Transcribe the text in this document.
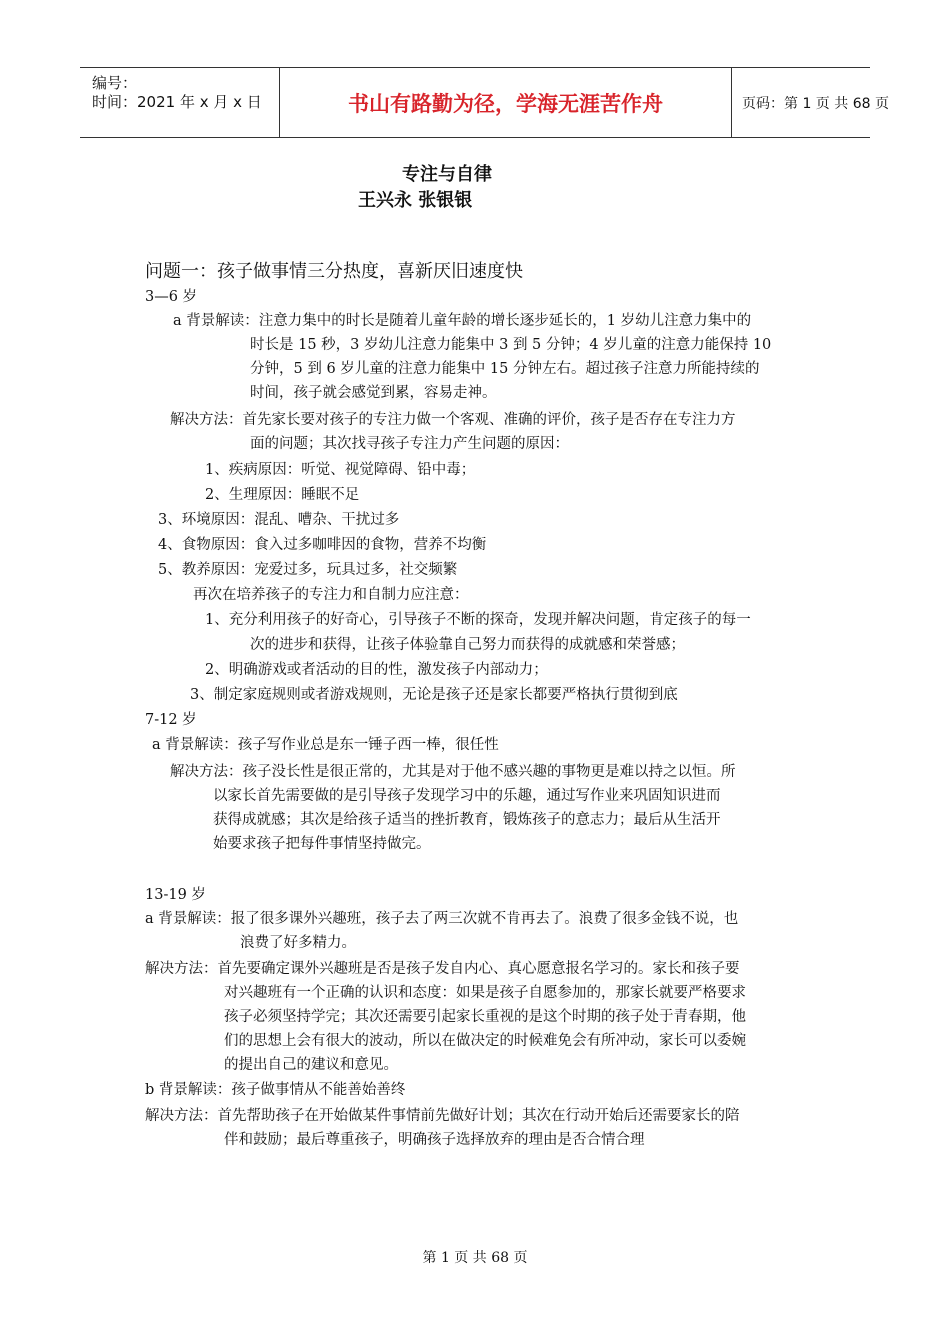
编号：
时间：2021 年 x 月 x 日	书山有路勤为径，学海无涯苦作舟	页码：第 1 页 共 68 页
专注与自律
王兴永 张银银
问题一：孩子做事情三分热度，喜新厌旧速度快
3—6 岁
a 背景解读：注意力集中的时长是随着儿童年龄的增长逐步延长的，1 岁幼儿注意力集中的
时长是 15 秒，3 岁幼儿注意力能集中 3 到 5 分钟；4 岁儿童的注意力能保持 10
分钟，5 到 6 岁儿童的注意力能集中 15 分钟左右。超过孩子注意力所能持续的
时间，孩子就会感觉到累，容易走神。
解决方法：首先家长要对孩子的专注力做一个客观、准确的评价，孩子是否存在专注力方
面的问题；其次找寻孩子专注力产生问题的原因：
1、疾病原因：听觉、视觉障碍、铅中毒；
2、生理原因：睡眠不足
3、环境原因：混乱、嘈杂、干扰过多
4、食物原因：食入过多咖啡因的食物，营养不均衡
5、教养原因：宠爱过多，玩具过多，社交频繁
再次在培养孩子的专注力和自制力应注意：
1、充分利用孩子的好奇心，引导孩子不断的探奇，发现并解决问题，肯定孩子的每一
次的进步和获得，让孩子体验靠自己努力而获得的成就感和荣誉感；
2、明确游戏或者活动的目的性，激发孩子内部动力；
3、制定家庭规则或者游戏规则，无论是孩子还是家长都要严格执行贯彻到底
7-12 岁
a 背景解读：孩子写作业总是东一锤子西一棒，很任性
解决方法：孩子没长性是很正常的，尤其是对于他不感兴趣的事物更是难以持之以恒。所
以家长首先需要做的是引导孩子发现学习中的乐趣，通过写作业来巩固知识进而
获得成就感；其次是给孩子适当的挫折教育，锻炼孩子的意志力；最后从生活开
始要求孩子把每件事情坚持做完。
13-19 岁
a 背景解读：报了很多课外兴趣班，孩子去了两三次就不肯再去了。浪费了很多金钱不说，也
浪费了好多精力。
解决方法：首先要确定课外兴趣班是否是孩子发自内心、真心愿意报名学习的。家长和孩子要
对兴趣班有一个正确的认识和态度：如果是孩子自愿参加的，那家长就要严格要求
孩子必须坚持学完；其次还需要引起家长重视的是这个时期的孩子处于青春期，他
们的思想上会有很大的波动，所以在做决定的时候难免会有所冲动，家长可以委婉
的提出自己的建议和意见。
b 背景解读：孩子做事情从不能善始善终
解决方法：首先帮助孩子在开始做某件事情前先做好计划；其次在行动开始后还需要家长的陪
伴和鼓励；最后尊重孩子，明确孩子选择放弃的理由是否合情合理
第 1 页 共 68 页
